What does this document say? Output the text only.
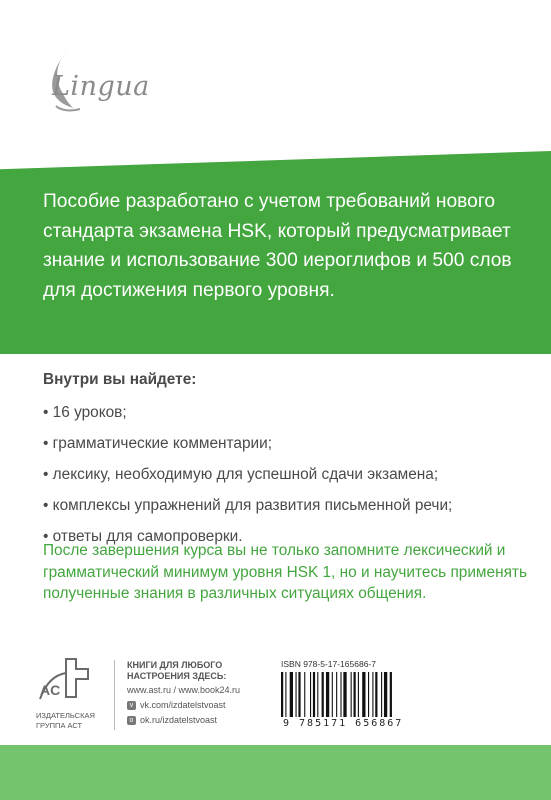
Lingua

Пособие разработано с учетом требований нового стандарта экзамена HSK, который предусматривает знание и использование 300 иероглифов и 500 слов для достижения первого уровня.

Внутри вы найдете:

• 16 уроков;
• грамматические комментарии;
• лексику, необходимую для успешной сдачи экзамена;
• комплексы упражнений для развития письменной речи;
• ответы для самопроверки.

После завершения курса вы не только запомните лексический и грамматический минимум уровня HSK 1, но и научитесь применять полученные знания в различных ситуациях общения.

AC
ИЗДАТЕЛЬСКАЯ
ГРУППА АСТ
КНИГИ ДЛЯ ЛЮБОГО
НАСТРОЕНИЯ ЗДЕСЬ:
www.ast.ru / www.book24.ru
v vk.com/izdatelstvoast
o ok.ru/izdatelstvoast
ISBN 978-5-17-165686-7
9 785171 656867
